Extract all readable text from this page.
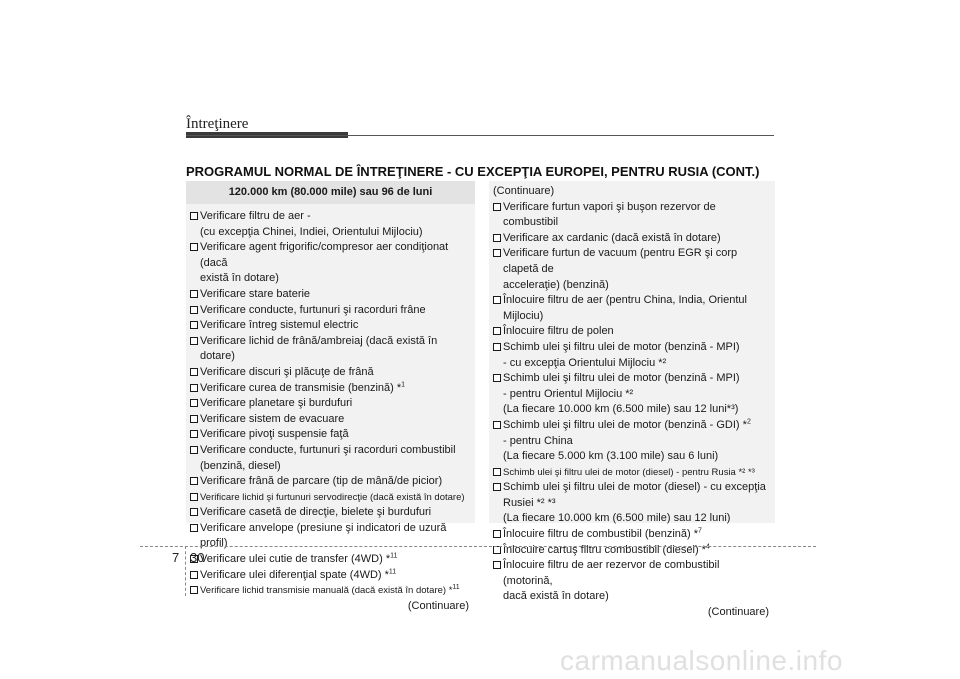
Întreţinere
PROGRAMUL NORMAL DE ÎNTREŢINERE - CU EXCEPŢIA EUROPEI, PENTRU RUSIA (CONT.)
120.000 km (80.000 mile) sau 96 de luni
Verificare filtru de aer -
(cu excepţia Chinei, Indiei, Orientului Mijlociu)
Verificare agent frigorific/compresor aer condiţionat (dacă
există în dotare)
Verificare stare baterie
Verificare conducte, furtunuri şi racorduri frâne
Verificare întreg sistemul electric
Verificare lichid de frână/ambreiaj (dacă există în dotare)
Verificare discuri şi plăcuţe de frână
Verificare curea de transmisie (benzină) *$^1$
Verificare planetare şi burdufuri
Verificare sistem de evacuare
Verificare pivoţi suspensie faţă
Verificare conducte, furtunuri şi racorduri combustibil
(benzină, diesel)
Verificare frână de parcare (tip de mână/de picior)
Verificare lichid şi furtunuri servodirecţie (dacă există în dotare)
Verificare casetă de direcţie, bielete şi burdufuri
Verificare anvelope (presiune şi indicatori de uzură profil)
Verificare ulei cutie de transfer (4WD) *$^{11}$
Verificare ulei diferenţial spate (4WD) *$^{11}$
Verificare lichid transmisie manuală (dacă există în dotare) *$^{11}$
(Continuare)
(Continuare)
Verificare furtun vapori şi buşon rezervor de combustibil
Verificare ax cardanic (dacă există în dotare)
Verificare furtun de vacuum (pentru EGR şi corp clapetă de
acceleraţie) (benzină)
Înlocuire filtru de aer (pentru China, India, Orientul Mijlociu)
Înlocuire filtru de polen
Schimb ulei şi filtru ulei de motor (benzină - MPI)
- cu excepţia Orientului Mijlociu *²
Schimb ulei şi filtru ulei de motor (benzină - MPI)
- pentru Orientul Mijlociu *²
(La fiecare 10.000 km (6.500 mile) sau 12 luni*³)
Schimb ulei şi filtru ulei de motor (benzină - GDI) *$^2$
- pentru China
(La fiecare 5.000 km (3.100 mile) sau 6 luni)
Schimb ulei şi filtru ulei de motor (diesel) - pentru Rusia *² *³
Schimb ulei şi filtru ulei de motor (diesel) - cu excepţia
Rusiei *² *³
(La fiecare 10.000 km (6.500 mile) sau 12 luni)
Înlocuire filtru de combustibil (benzină) *$^7$
Înlocuire cartuş filtru combustibil (diesel) *$^4$
Înlocuire filtru de aer rezervor de combustibil (motorină,
dacă există în dotare)
(Continuare)
7 30
carmanualsonline.info
